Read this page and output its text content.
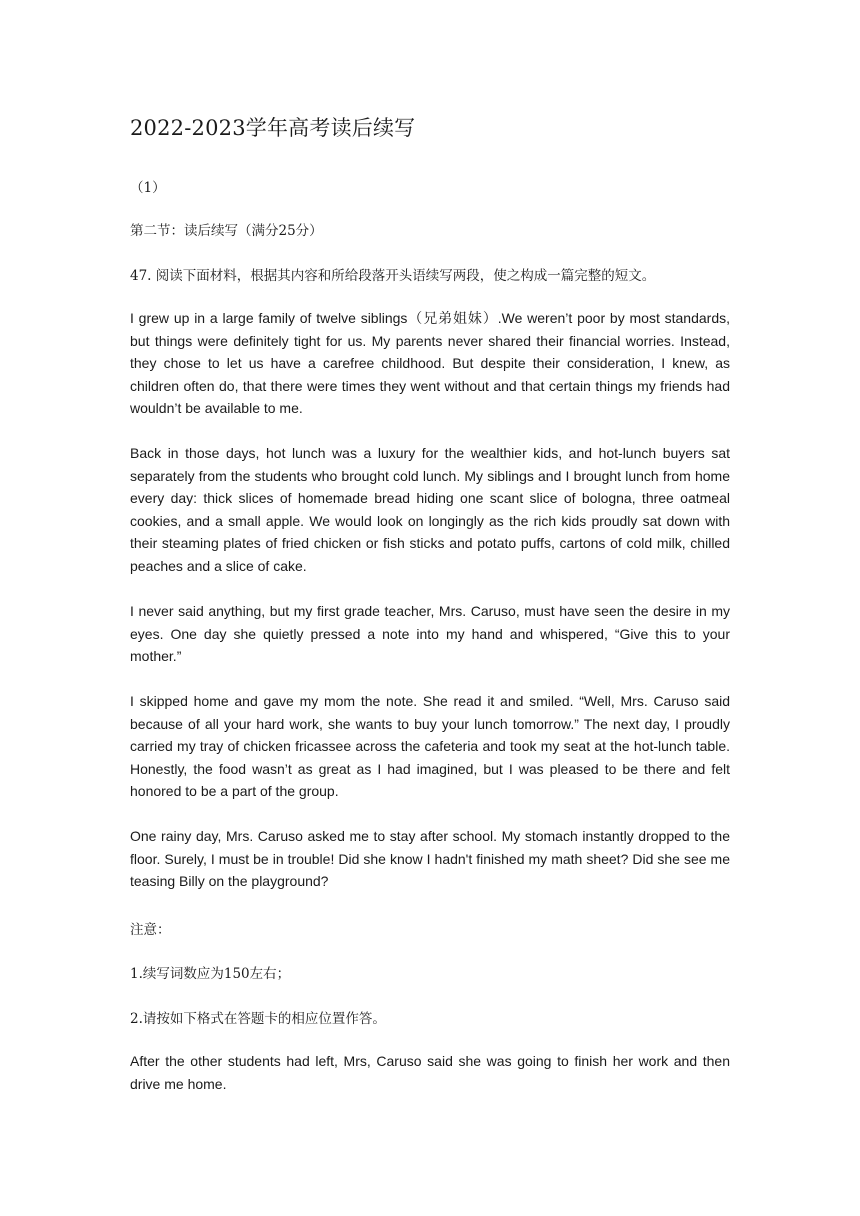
2022-2023学年高考读后续写
（1）
第二节：读后续写（满分25分）
47. 阅读下面材料，根据其内容和所给段落开头语续写两段，使之构成一篇完整的短文。

I grew up in a large family of twelve siblings（兄弟姐妹）.We weren’t poor by most standards, but things were definitely tight for us. My parents never shared their financial worries. Instead, they chose to let us have a carefree childhood. But despite their consideration, I knew, as children often do, that there were times they went without and that certain things my friends had wouldn’t be available to me.

Back in those days, hot lunch was a luxury for the wealthier kids, and hot-lunch buyers sat separately from the students who brought cold lunch. My siblings and I brought lunch from home every day: thick slices of homemade bread hiding one scant slice of bologna, three oatmeal cookies, and a small apple. We would look on longingly as the rich kids proudly sat down with their steaming plates of fried chicken or fish sticks and potato puffs, cartons of cold milk, chilled peaches and a slice of cake.

I never said anything, but my first grade teacher, Mrs. Caruso, must have seen the desire in my eyes. One day she quietly pressed a note into my hand and whispered, “Give this to your mother.”

I skipped home and gave my mom the note. She read it and smiled. “Well, Mrs. Caruso said because of all your hard work, she wants to buy your lunch tomorrow.” The next day, I proudly carried my tray of chicken fricassee across the cafeteria and took my seat at the hot-lunch table. Honestly, the food wasn’t as great as I had imagined, but I was pleased to be there and felt honored to be a part of the group.

One rainy day, Mrs. Caruso asked me to stay after school. My stomach instantly dropped to the floor. Surely, I must be in trouble! Did she know I hadn't finished my math sheet? Did she see me teasing Billy on the playground?

注意：
1.续写词数应为150左右；
2.请按如下格式在答题卡的相应位置作答。

After the other students had left, Mrs, Caruso said she was going to finish her work and then drive me home.
